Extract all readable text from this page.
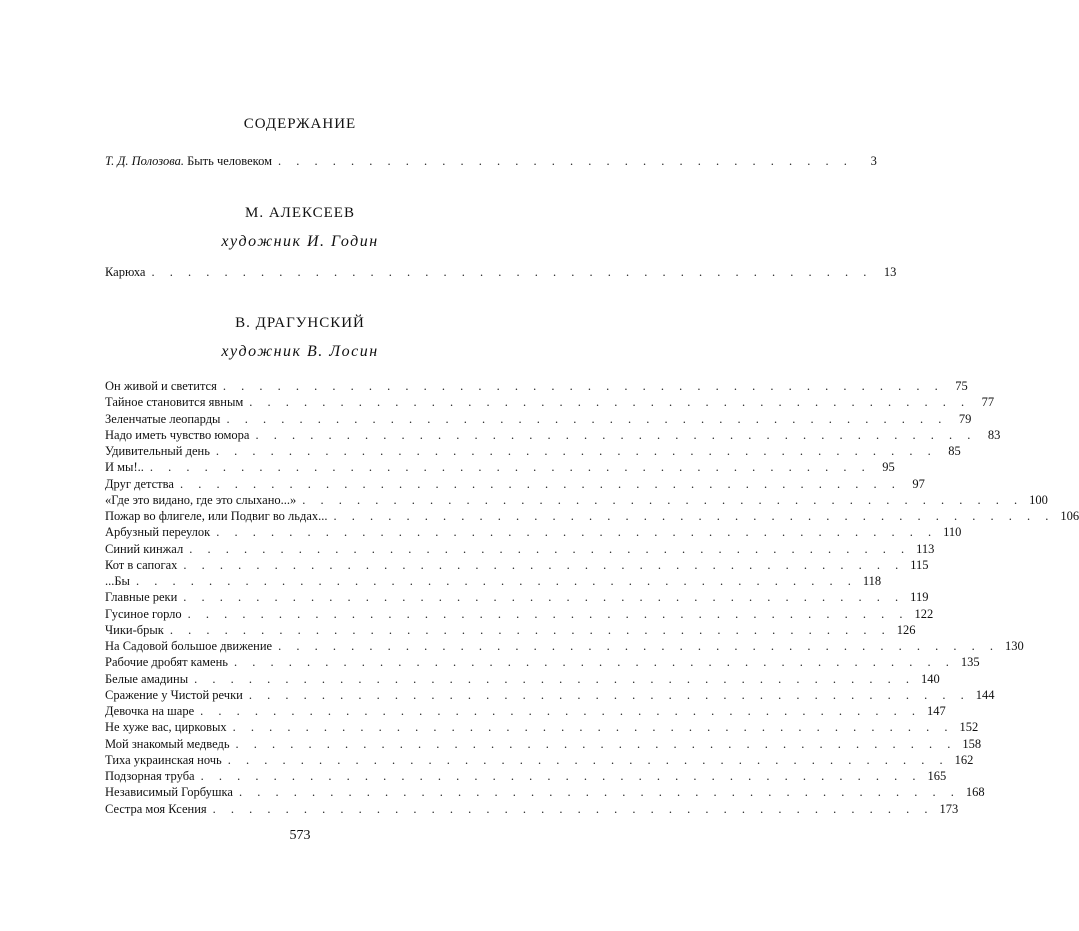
СОДЕРЖАНИЕ
Т. Д. Полозова. Быть человеком . . . . . . . . . . . . . . . . . . . . . . . . . . . . . . . .	3
М. АЛЕКСЕЕВ
художник И. Годин
Карюха . . . . . . . . . . . . . . . . . . . . . . . . . . . . . . . . . . . . . . . . 13
В. ДРАГУНСКИЙ
художник В. Лосин
Он живой и светится . . . . . . . . . . . . . . . . . . . . . . . . . . . . . . . . . . . . . . . . 75
Тайное становится явным . . . . . . . . . . . . . . . . . . . . . . . . . . . . . . . . . . . . . . . . 77
Зеленчатые леопарды . . . . . . . . . . . . . . . . . . . . . . . . . . . . . . . . . . . . . . . . 79
Надо иметь чувство юмора . . . . . . . . . . . . . . . . . . . . . . . . . . . . . . . . . . . . . . . . 83
Удивительный день . . . . . . . . . . . . . . . . . . . . . . . . . . . . . . . . . . . . . . . . 85
И мы!.. . . . . . . . . . . . . . . . . . . . . . . . . . . . . . . . . . . . . . . . . 95
Друг детства . . . . . . . . . . . . . . . . . . . . . . . . . . . . . . . . . . . . . . . . 97
«Где это видано, где это слыхано...» . . . . . . . . . . . . . . . . . . . . . . . . . . . . . . . . . . . . . . . . 100
Пожар во флигеле, или Подвиг во льдах... . . . . . . . . . . . . . . . . . . . . . . . . . . . . . . . . . . . . . . . . 106
Арбузный переулок . . . . . . . . . . . . . . . . . . . . . . . . . . . . . . . . . . . . . . . . 110
Синий кинжал . . . . . . . . . . . . . . . . . . . . . . . . . . . . . . . . . . . . . . . . 113
Кот в сапогах . . . . . . . . . . . . . . . . . . . . . . . . . . . . . . . . . . . . . . . . 115
...Бы . . . . . . . . . . . . . . . . . . . . . . . . . . . . . . . . . . . . . . . . 118
Главные реки . . . . . . . . . . . . . . . . . . . . . . . . . . . . . . . . . . . . . . . . 119
Гусиное горло . . . . . . . . . . . . . . . . . . . . . . . . . . . . . . . . . . . . . . . . 122
Чики-брык . . . . . . . . . . . . . . . . . . . . . . . . . . . . . . . . . . . . . . . . 126
На Садовой большое движение . . . . . . . . . . . . . . . . . . . . . . . . . . . . . . . . . . . . . . . . 130
Рабочие дробят камень . . . . . . . . . . . . . . . . . . . . . . . . . . . . . . . . . . . . . . . . 135
Белые амадины . . . . . . . . . . . . . . . . . . . . . . . . . . . . . . . . . . . . . . . . 140
Сражение у Чистой речки . . . . . . . . . . . . . . . . . . . . . . . . . . . . . . . . . . . . . . . . 144
Девочка на шаре . . . . . . . . . . . . . . . . . . . . . . . . . . . . . . . . . . . . . . . . 147
Не хуже вас, цирковых . . . . . . . . . . . . . . . . . . . . . . . . . . . . . . . . . . . . . . . . 152
Мой знакомый медведь . . . . . . . . . . . . . . . . . . . . . . . . . . . . . . . . . . . . . . . . 158
Тиха украинская ночь . . . . . . . . . . . . . . . . . . . . . . . . . . . . . . . . . . . . . . . . 162
Подзорная труба . . . . . . . . . . . . . . . . . . . . . . . . . . . . . . . . . . . . . . . . 165
Независимый Горбушка . . . . . . . . . . . . . . . . . . . . . . . . . . . . . . . . . . . . . . . . 168
Сестра моя Ксения . . . . . . . . . . . . . . . . . . . . . . . . . . . . . . . . . . . . . . . . 173
573
